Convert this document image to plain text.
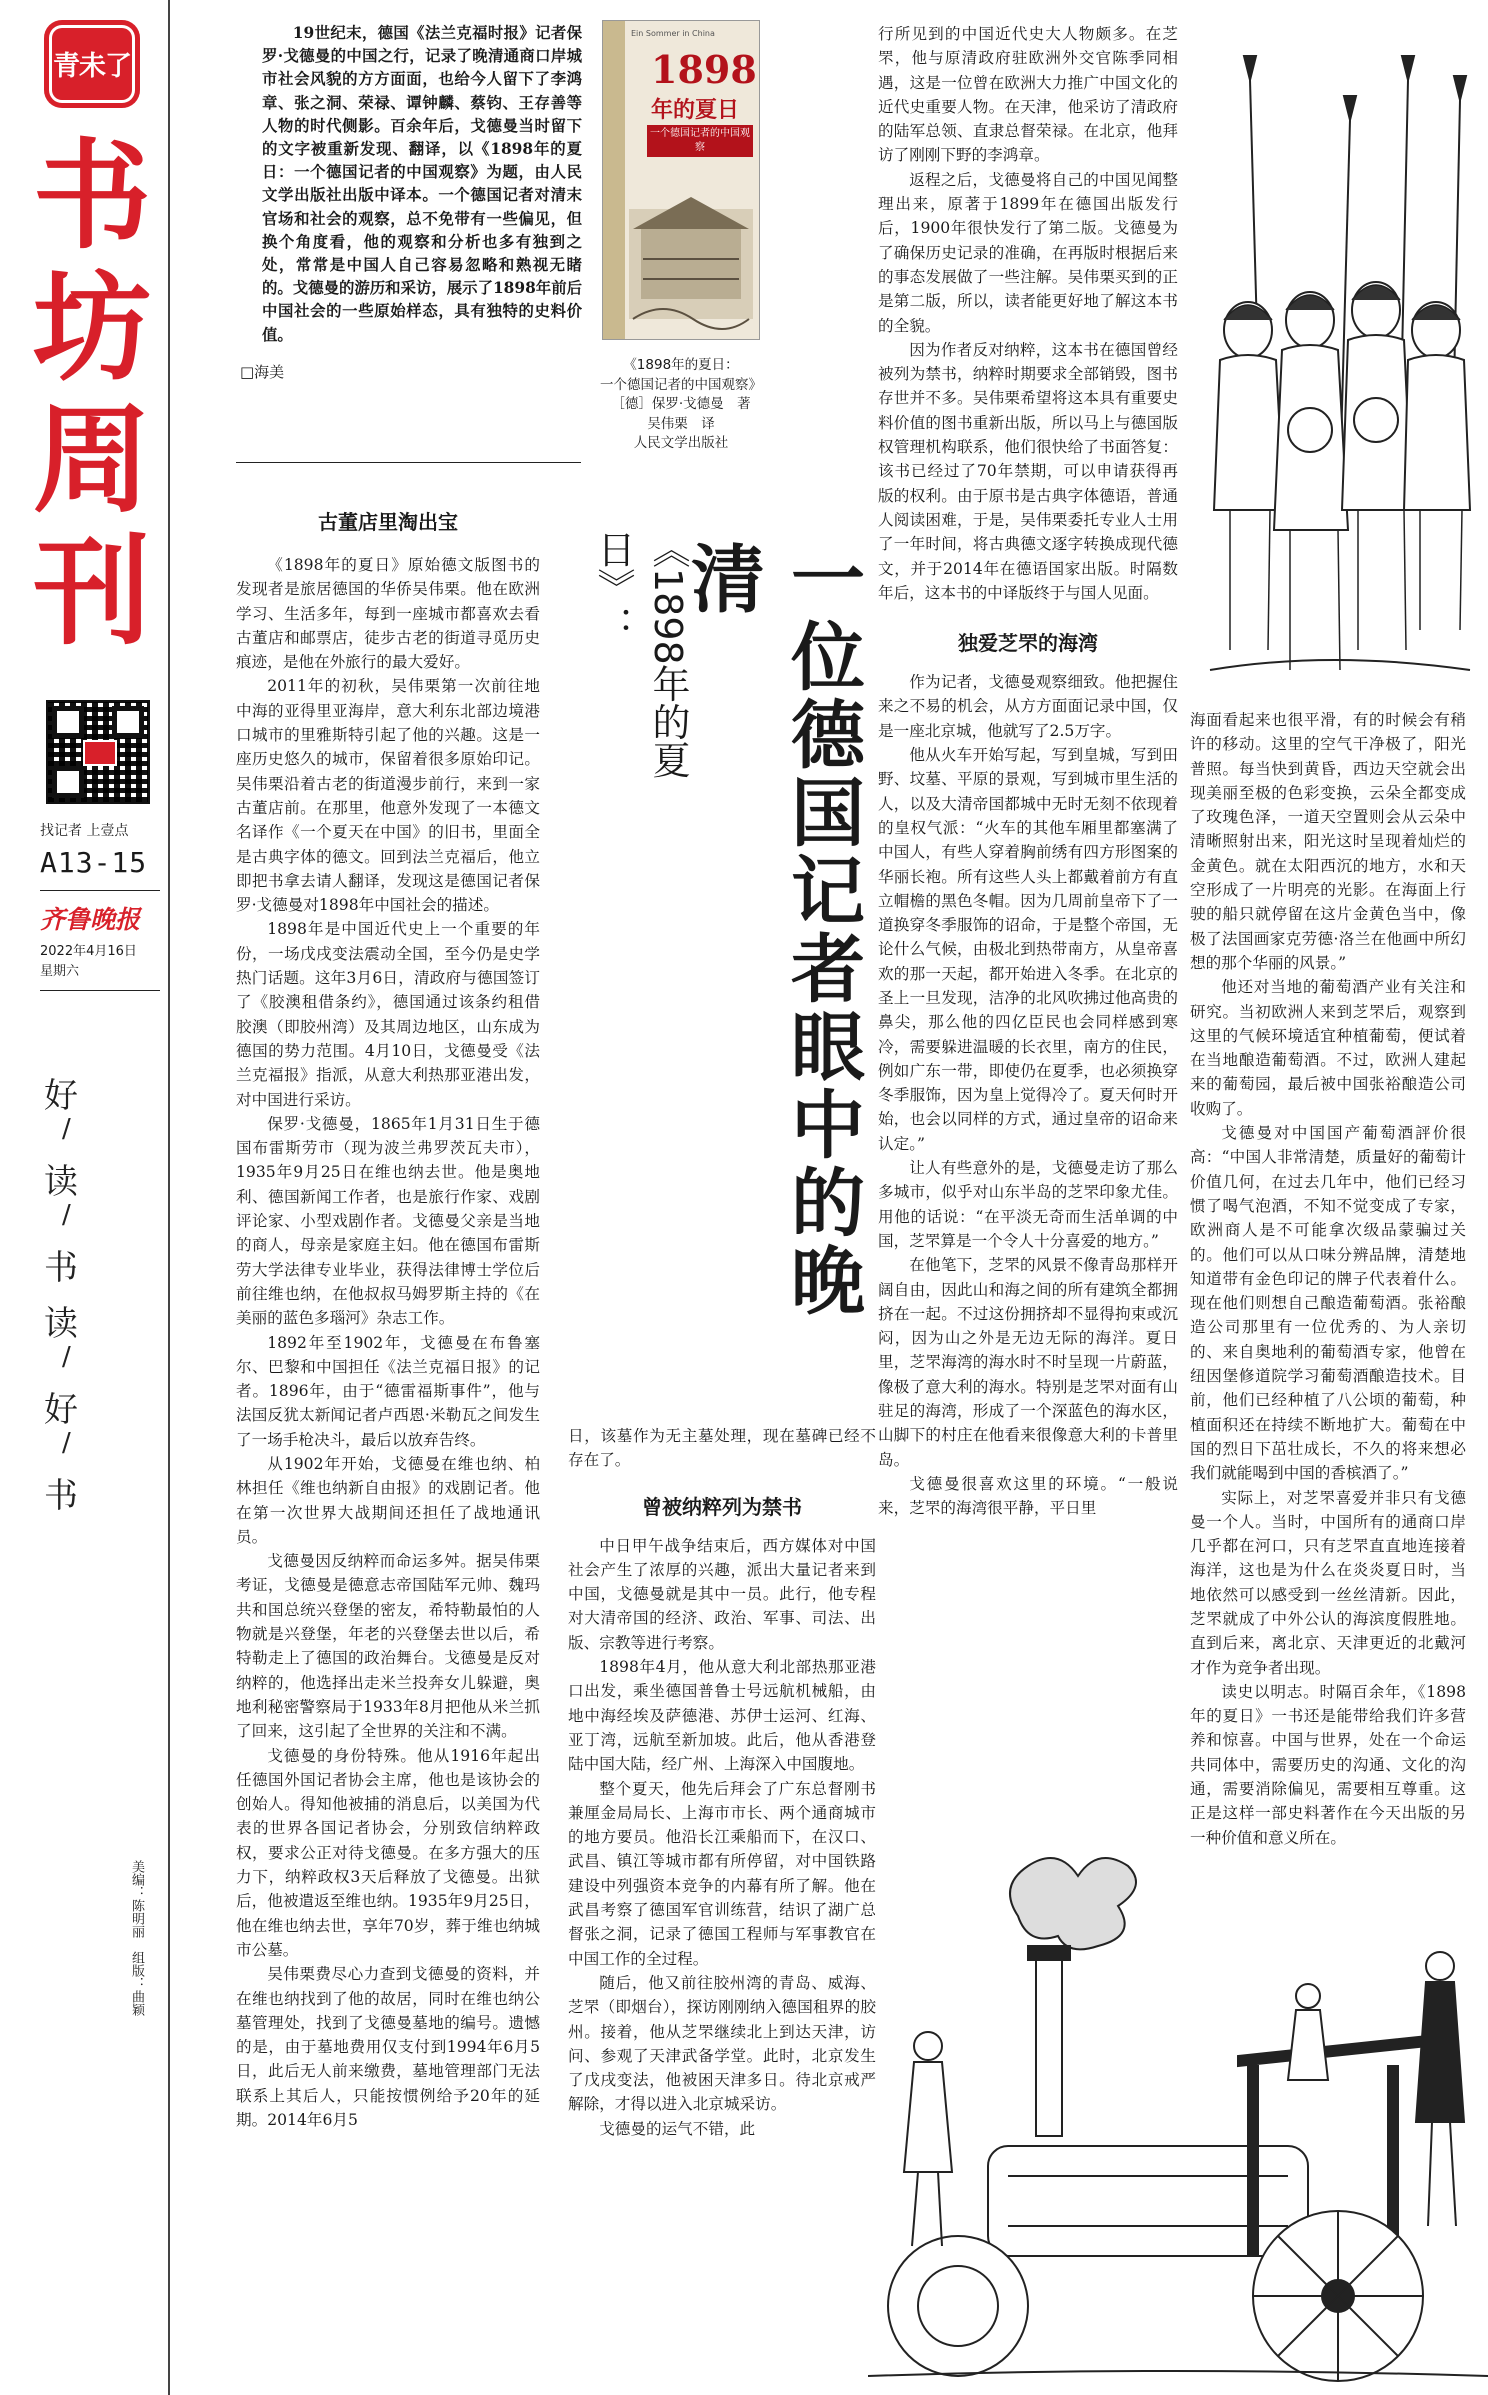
青未了
书
坊
周
刊
找记者 上壹点
A13-15
齐鲁晚报
2022年4月16日
星期六
好
/
读
/
书
读
/
好
/
书
美编：陈明丽　组版：曲颖

19世纪末，德国《法兰克福时报》记者保罗·戈德曼的中国之行，记录了晚清通商口岸城市社会风貌的方方面面，也给今人留下了李鸿章、张之洞、荣禄、谭钟麟、蔡钧、王存善等人物的时代侧影。百余年后，戈德曼当时留下的文字被重新发现、翻译，以《1898年的夏日：一个德国记者的中国观察》为题，由人民文学出版社出版中译本。一个德国记者对清末官场和社会的观察，总不免带有一些偏见，但换个角度看，他的观察和分析也多有独到之处，常常是中国人自己容易忽略和熟视无睹的。戈德曼的游历和采访，展示了1898年前后中国社会的一些原始样态，具有独特的史料价值。

□海美
Ein Sommer in China
1898
年的夏日
一个德国记者的中国观察
《1898年的夏日：
一个德国记者的中国观察》
［德］保罗·戈德曼　著
吴伟栗　译
人民文学出版社
《1898年的夏日》：	一位德国记者眼中的晚清
古董店里淘出宝

《1898年的夏日》原始德文版图书的发现者是旅居德国的华侨吴伟栗。他在欧洲学习、生活多年，每到一座城市都喜欢去看古董店和邮票店，徒步古老的街道寻觅历史痕迹，是他在外旅行的最大爱好。

2011年的初秋，吴伟栗第一次前往地中海的亚得里亚海岸，意大利东北部边境港口城市的里雅斯特引起了他的兴趣。这是一座历史悠久的城市，保留着很多原始印记。吴伟栗沿着古老的街道漫步前行，来到一家古董店前。在那里，他意外发现了一本德文名译作《一个夏天在中国》的旧书，里面全是古典字体的德文。回到法兰克福后，他立即把书拿去请人翻译，发现这是德国记者保罗·戈德曼对1898年中国社会的描述。

1898年是中国近代史上一个重要的年份，一场戊戌变法震动全国，至今仍是史学热门话题。这年3月6日，清政府与德国签订了《胶澳租借条约》，德国通过该条约租借胶澳（即胶州湾）及其周边地区，山东成为德国的势力范围。4月10日，戈德曼受《法兰克福报》指派，从意大利热那亚港出发，对中国进行采访。

保罗·戈德曼，1865年1月31日生于德国布雷斯劳市（现为波兰弗罗茨瓦夫市），1935年9月25日在维也纳去世。他是奥地利、德国新闻工作者，也是旅行作家、戏剧评论家、小型戏剧作者。戈德曼父亲是当地的商人，母亲是家庭主妇。他在德国布雷斯劳大学法律专业毕业，获得法律博士学位后前往维也纳，在他叔叔马姆罗斯主持的《在美丽的蓝色多瑙河》杂志工作。

1892年至1902年，戈德曼在布鲁塞尔、巴黎和中国担任《法兰克福日报》的记者。1896年，由于“德雷福斯事件”，他与法国反犹太新闻记者卢西恩·米勒瓦之间发生了一场手枪决斗，最后以放弃告终。

从1902年开始，戈德曼在维也纳、柏林担任《维也纳新自由报》的戏剧记者。他在第一次世界大战期间还担任了战地通讯员。

戈德曼因反纳粹而命运多舛。据吴伟栗考证，戈德曼是德意志帝国陆军元帅、魏玛共和国总统兴登堡的密友，希特勒最怕的人物就是兴登堡，年老的兴登堡去世以后，希特勒走上了德国的政治舞台。戈德曼是反对纳粹的，他选择出走米兰投奔女儿躲避，奥地利秘密警察局于1933年8月把他从米兰抓了回来，这引起了全世界的关注和不满。

戈德曼的身份特殊。他从1916年起出任德国外国记者协会主席，他也是该协会的创始人。得知他被捕的消息后，以美国为代表的世界各国记者协会，分别致信纳粹政权，要求公正对待戈德曼。在多方强大的压力下，纳粹政权3天后释放了戈德曼。出狱后，他被遣返至维也纳。1935年9月25日，他在维也纳去世，享年70岁，葬于维也纳城市公墓。

吴伟栗费尽心力查到戈德曼的资料，并在维也纳找到了他的故居，同时在维也纳公墓管理处，找到了戈德曼墓地的编号。遗憾的是，由于墓地费用仅支付到1994年6月5日，此后无人前来缴费，墓地管理部门无法联系上其后人，只能按惯例给予20年的延期。2014年6月5

日，该墓作为无主墓处理，现在墓碑已经不存在了。

曾被纳粹列为禁书

中日甲午战争结束后，西方媒体对中国社会产生了浓厚的兴趣，派出大量记者来到中国，戈德曼就是其中一员。此行，他专程对大清帝国的经济、政治、军事、司法、出版、宗教等进行考察。

1898年4月，他从意大利北部热那亚港口出发，乘坐德国普鲁士号远航机械船，由地中海经埃及萨德港、苏伊士运河、红海、亚丁湾，远航至新加坡。此后，他从香港登陆中国大陆，经广州、上海深入中国腹地。

整个夏天，他先后拜会了广东总督刚书兼厘金局局长、上海市市长、两个通商城市的地方要员。他沿长江乘船而下，在汉口、武昌、镇江等城市都有所停留，对中国铁路建设中列强资本竞争的内幕有所了解。他在武昌考察了德国军官训练营，结识了湖广总督张之洞，记录了德国工程师与军事教官在中国工作的全过程。

随后，他又前往胶州湾的青岛、威海、芝罘（即烟台），探访刚刚纳入德国租界的胶州。接着，他从芝罘继续北上到达天津，访问、参观了天津武备学堂。此时，北京发生了戊戌变法，他被困天津多日。待北京戒严解除，才得以进入北京城采访。

戈德曼的运气不错，此

行所见到的中国近代史大人物颇多。在芝罘，他与原清政府驻欧洲外交官陈季同相遇，这是一位曾在欧洲大力推广中国文化的近代史重要人物。在天津，他采访了清政府的陆军总领、直隶总督荣禄。在北京，他拜访了刚刚下野的李鸿章。

返程之后，戈德曼将自己的中国见闻整理出来，原著于1899年在德国出版发行后，1900年很快发行了第二版。戈德曼为了确保历史记录的准确，在再版时根据后来的事态发展做了一些注解。吴伟栗买到的正是第二版，所以，读者能更好地了解这本书的全貌。

因为作者反对纳粹，这本书在德国曾经被列为禁书，纳粹时期要求全部销毁，图书存世并不多。吴伟栗希望将这本具有重要史料价值的图书重新出版，所以马上与德国版权管理机构联系，他们很快给了书面答复：该书已经过了70年禁期，可以申请获得再版的权利。由于原书是古典字体德语，普通人阅读困难，于是，吴伟栗委托专业人士用了一年时间，将古典德文逐字转换成现代德文，并于2014年在德语国家出版。时隔数年后，这本书的中译版终于与国人见面。

独爱芝罘的海湾

作为记者，戈德曼观察细致。他把握住来之不易的机会，从方方面面记录中国，仅是一座北京城，他就写了2.5万字。

他从火车开始写起，写到皇城，写到田野、坟墓、平原的景观，写到城市里生活的人，以及大清帝国都城中无时无刻不依现着的皇权气派：“火车的其他车厢里都塞满了中国人，有些人穿着胸前绣有四方形图案的华丽长袍。所有这些人头上都戴着前方有直立帽檐的黑色冬帽。因为几周前皇帝下了一道换穿冬季服饰的诏命，于是整个帝国，无论什么气候，由极北到热带南方，从皇帝喜欢的那一天起，都开始进入冬季。在北京的圣上一旦发现，洁净的北风吹拂过他高贵的鼻尖，那么他的四亿臣民也会同样感到寒冷，需要躲进温暖的长衣里，南方的住民，例如广东一带，即使仍在夏季，也必须换穿冬季服饰，因为皇上觉得冷了。夏天何时开始，也会以同样的方式，通过皇帝的诏命来认定。”

让人有些意外的是，戈德曼走访了那么多城市，似乎对山东半岛的芝罘印象尤佳。用他的话说：“在平淡无奇而生活单调的中国，芝罘算是一个令人十分喜爱的地方。”

在他笔下，芝罘的风景不像青岛那样开阔自由，因此山和海之间的所有建筑全都拥挤在一起。不过这份拥挤却不显得拘束或沉闷，因为山之外是无边无际的海洋。夏日里，芝罘海湾的海水时不时呈现一片蔚蓝，像极了意大利的海水。特别是芝罘对面有山驻足的海湾，形成了一个深蓝色的海水区，山脚下的村庄在他看来很像意大利的卡普里岛。

戈德曼很喜欢这里的环境。“一般说来，芝罘的海湾很平静，平日里

海面看起来也很平滑，有的时候会有稍许的移动。这里的空气干净极了，阳光普照。每当快到黄昏，西边天空就会出现美丽至极的色彩变换，云朵全都变成了玫瑰色泽，一道天空置则会从云朵中清晰照射出来，阳光这时呈现着灿烂的金黄色。就在太阳西沉的地方，水和天空形成了一片明亮的光影。在海面上行驶的船只就停留在这片金黄色当中，像极了法国画家克劳德·洛兰在他画中所幻想的那个华丽的风景。”

他还对当地的葡萄酒产业有关注和研究。当初欧洲人来到芝罘后，观察到这里的气候环境适宜种植葡萄，便试着在当地酿造葡萄酒。不过，欧洲人建起来的葡萄园，最后被中国张裕酿造公司收购了。

戈德曼对中国国产葡萄酒評价很高：“中国人非常清楚，质量好的葡萄计价值几何，在过去几年中，他们已经习惯了喝气泡酒，不知不觉变成了专家，欧洲商人是不可能拿次级品蒙骗过关的。他们可以从口味分辨品牌，清楚地知道带有金色印记的牌子代表着什么。现在他们则想自己酿造葡萄酒。张裕酿造公司那里有一位优秀的、为人亲切的、来自奥地利的葡萄酒专家，他曾在纽因堡修道院学习葡萄酒酿造技术。目前，他们已经种植了八公顷的葡萄，种植面积还在持续不断地扩大。葡萄在中国的烈日下茁壮成长，不久的将来想必我们就能喝到中国的香槟酒了。”

实际上，对芝罘喜爱并非只有戈德曼一个人。当时，中国所有的通商口岸几乎都在河口，只有芝罘直直地连接着海洋，这也是为什么在炎炎夏日时，当地依然可以感受到一丝丝清新。因此，芝罘就成了中外公认的海滨度假胜地。直到后来，离北京、天津更近的北戴河才作为竞争者出现。

读史以明志。时隔百余年，《1898年的夏日》一书还是能带给我们许多营养和惊喜。中国与世界，处在一个命运共同体中，需要历史的沟通、文化的沟通，需要消除偏见，需要相互尊重。这正是这样一部史料著作在今天出版的另一种价值和意义所在。
